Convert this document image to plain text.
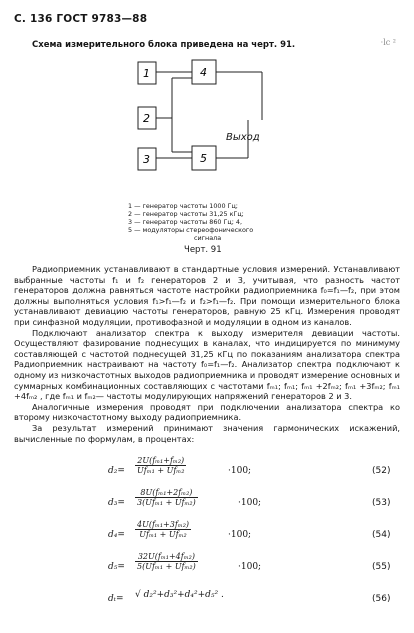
С. 136 ГОСТ 9783—88
·lc ²
Схема измерительного блока приведена на черт. 91.
1
2
3
4
5
Выход
1 — генератор частоты 1000 Гц;
2 — генератор частоты 31,25 кГц;
3 — генератор частоты 860 Гц; 4,
5 — модуляторы стереофонического
сигнала
Черт. 91

Радиоприемник устанавливают в стандартные условия измерений. Устанавливают выбранные частоты f₁ и f₂ генераторов 2 и 3, учитывая, что разность частот генераторов должна равняться частоте настройки радиоприемника f₀=f₁—f₂, при этом должны выполняться условия f₁>f₁—f₂ и f₂>f₁—f₂. При помощи измерительного блока устанавливают девиацию частоты генераторов, равную 25 кГц. Измерения проводят при синфазной модуляции, противофазной и модуляции в одном из каналов.

Подключают анализатор спектра к выходу измерителя девиации частоты. Осуществляют фазирование поднесущих в каналах, что индицируется по минимуму составляющей с частотой поднесущей 31,25 кГц по показаниям анализатора спектра Радиоприемник настраивают на частоту f₀=f₁—f₂. Анализатор спектра подключают к одному из низкочастотных выходов радиоприемника и проводят измерение основных и суммарных комбинационных составляющих с частотами fₘ₁; fₘ₁; fₘ₁ +2fₘ₂; fₘ₁ +3fₘ₂; fₘ₁ +4fₘ₂ , где fₘ₁ и fₘ₂— частоты модулирующих напряжений генераторов 2 и 3.

Аналогичные измерения проводят при подключении анализатора спектра ко второму низкочастотному выходу радиоприемника.

За результат измерений принимают значения гармонических искажений, вычисленные по формулам, в процентах:

d₂=
2U(fₘ₁+fₘ₂)
Ufₘ₁ + Ufₘ₂	·100;	(52)
d₃=
8U(fₘ₁+2fₘ₂)
3(Ufₘ₁ + Ufₘ₂)	·100;	(53)
d₄=
4U(fₘ₁+3fₘ₂)
Ufₘ₁ + Ufₘ₂	·100;	(54)
d₅=
32U(fₘ₁+4fₘ₂)
5(Ufₘ₁ + Ufₘ₂)	·100;	(55)
dₜ= √ d₂²+d₃²+d₄²+d₅² .	(56)
